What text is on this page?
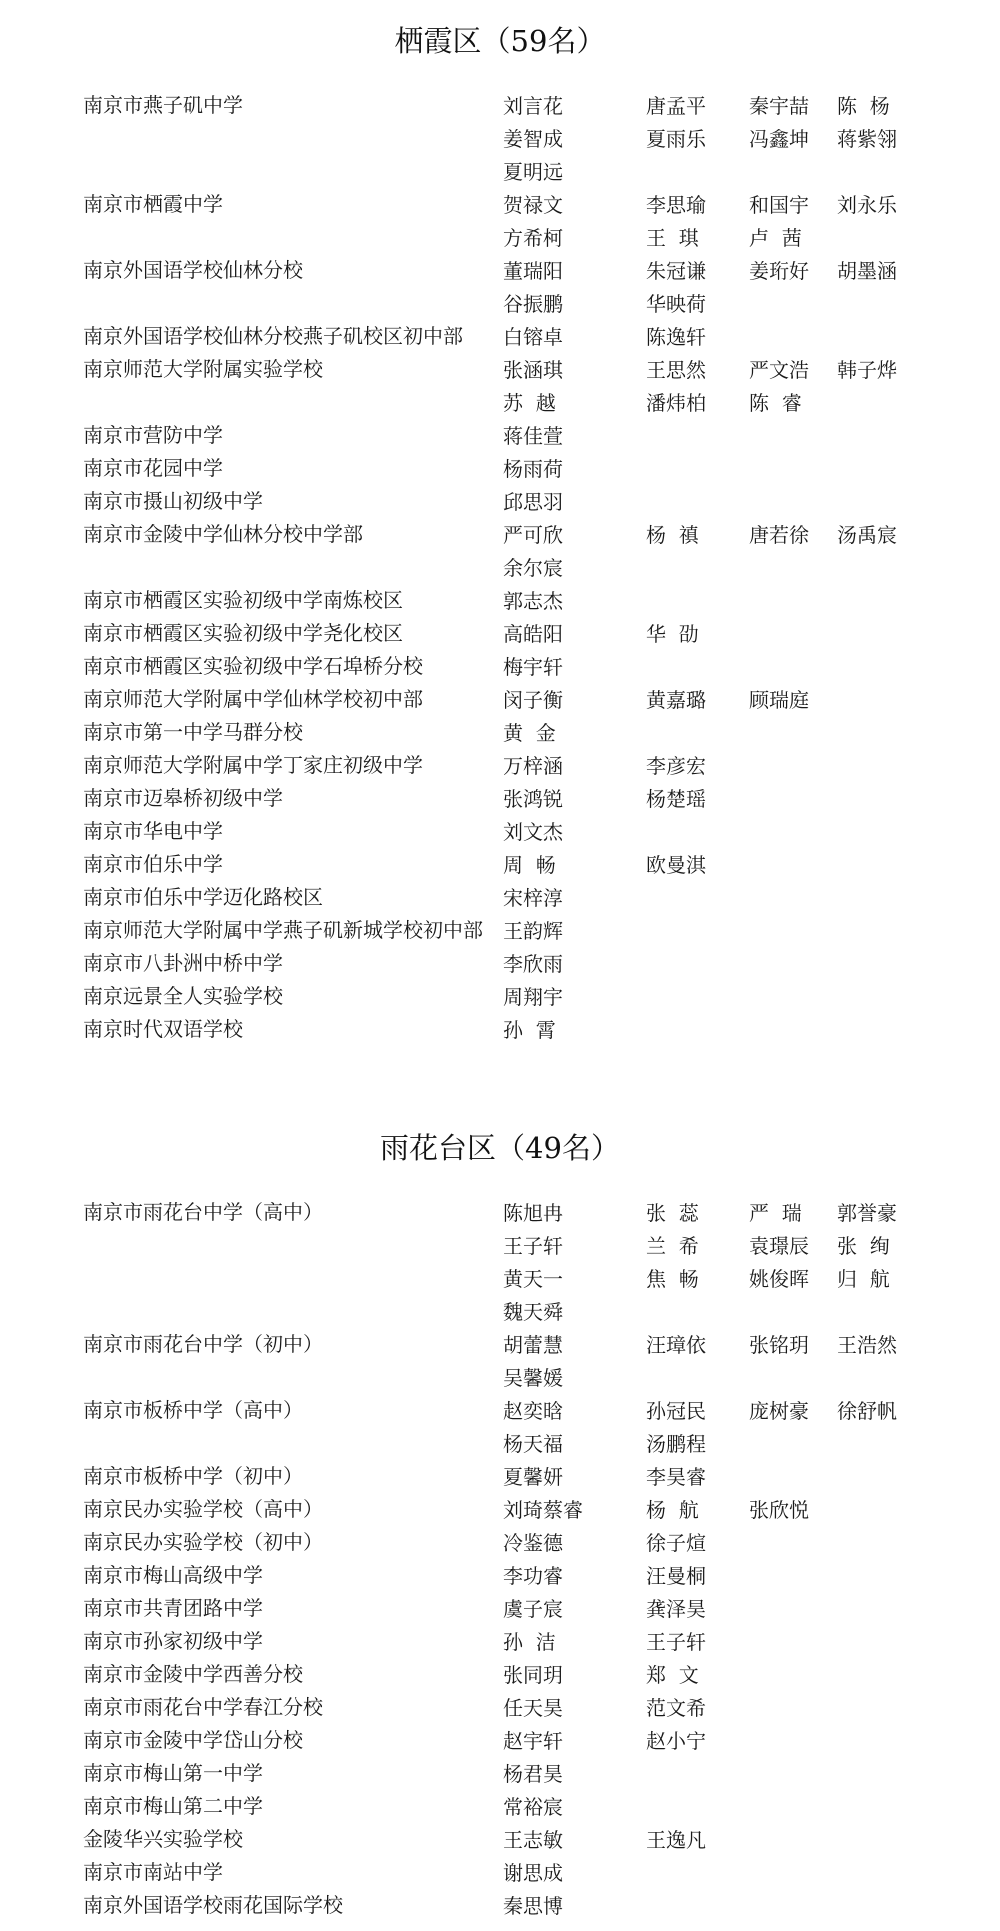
栖霞区（59名）
南京市燕子矶中学	刘言花	唐孟平	秦宇喆	陈  杨
姜智成	夏雨乐	冯鑫坤	蒋紫翎
夏明远
南京市栖霞中学	贺禄文	李思瑜	和国宇	刘永乐
方希柯	王  琪	卢  茜
南京外国语学校仙林分校	董瑞阳	朱冠谦	姜珩好	胡墨涵
谷振鹏	华映荷
南京外国语学校仙林分校燕子矶校区初中部	白镕卓	陈逸轩
南京师范大学附属实验学校	张涵琪	王思然	严文浩	韩子烨
苏  越	潘炜柏	陈  睿
南京市营防中学	蒋佳萱
南京市花园中学	杨雨荷
南京市摄山初级中学	邱思羽
南京市金陵中学仙林分校中学部	严可欣	杨  禛	唐若徐	汤禹宸
余尔宸
南京市栖霞区实验初级中学南炼校区	郭志杰
南京市栖霞区实验初级中学尧化校区	高皓阳	华  劭
南京市栖霞区实验初级中学石埠桥分校	梅宇轩
南京师范大学附属中学仙林学校初中部	闵子衡	黄嘉璐	顾瑞庭
南京市第一中学马群分校	黄  金
南京师范大学附属中学丁家庄初级中学	万梓涵	李彦宏
南京市迈皋桥初级中学	张鸿锐	杨楚瑶
南京市华电中学	刘文杰
南京市伯乐中学	周  畅	欧曼淇
南京市伯乐中学迈化路校区	宋梓淳
南京师范大学附属中学燕子矶新城学校初中部	王韵辉
南京市八卦洲中桥中学	李欣雨
南京远景全人实验学校	周翔宇
南京时代双语学校	孙  霄
雨花台区（49名）
南京市雨花台中学（高中）	陈旭冉	张  蕊	严  瑞	郭誉豪
王子轩	兰  希	袁璟辰	张  绚
黄天一	焦  畅	姚俊晖	归  航
魏天舜
南京市雨花台中学（初中）	胡蕾慧	汪璋依	张铭玥	王浩然
吴馨媛
南京市板桥中学（高中）	赵奕晗	孙冠民	庞树豪	徐舒帆
杨天福	汤鹏程
南京市板桥中学（初中）	夏馨妍	李昊睿
南京民办实验学校（高中）	刘琦蔡睿	杨  航	张欣悦
南京民办实验学校（初中）	冷鉴德	徐子煊
南京市梅山高级中学	李功睿	汪曼桐
南京市共青团路中学	虞子宸	龚泽昊
南京市孙家初级中学	孙  洁	王子轩
南京市金陵中学西善分校	张同玥	郑  文
南京市雨花台中学春江分校	任天昊	范文希
南京市金陵中学岱山分校	赵宇轩	赵小宁
南京市梅山第一中学	杨君昊
南京市梅山第二中学	常裕宸
金陵华兴实验学校	王志敏	王逸凡
南京市南站中学	谢思成
南京外国语学校雨花国际学校	秦思博
